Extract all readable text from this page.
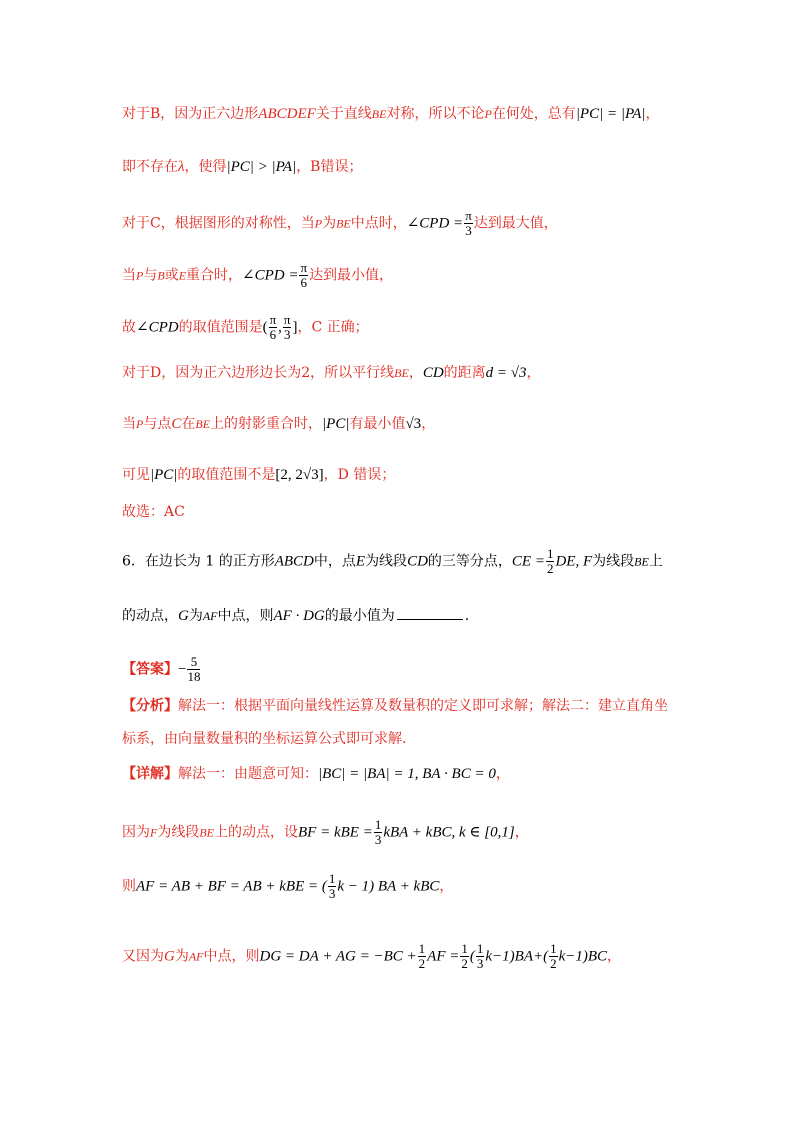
对于B，因为正六边形ABCDEF关于直线BE对称，所以不论P在何处，总有|PC| = |PA|，
即不存在λ，使得|PC| > |PA|，B错误；
对于C，根据图形的对称性，当P为BE中点时，∠CPD = $\frac{\pi}{3}$ 达到最大值，
当P与B或E重合时，∠CPD = $\frac{\pi}{6}$ 达到最小值，
故∠CPD的取值范围是( $\frac{\pi}{6}$ , $\frac{\pi}{3}$ ]，C 正确；
对于D，因为正六边形边长为2，所以平行线BE，CD的距离d = √3，
当P与点C在BE上的射影重合时，|PC|有最小值√3，
可见|PC|的取值范围不是[2, 2√3]，D 错误；
故选：AC
6．在边长为 1 的正方形ABCD中，点E为线段CD的三等分点，CE = $\frac{1}{2}$ DE, F为线段BE上
的动点，G为AF中点，则AF · DG的最小值为	.
【答案】− $\frac{5}{18}$
【分析】解法一：根据平面向量线性运算及数量积的定义即可求解；解法二：建立直角坐
标系，由向量数量积的坐标运算公式即可求解.
【详解】解法一：由题意可知：|BC| = |BA| = 1, BA · BC = 0，
因为F为线段BE上的动点，设BF = kBE = $\frac{1}{3}$ kBA + kBC, k ∈ [0,1]，
则AF = AB + BF = AB + kBE = ( $\frac{1}{3}$ k − 1) BA + kBC，
又因为G为AF中点，则DG = DA + AG = $-BC + \frac{1}{2}$ AF = $\frac{1}{2}$ ( $\frac{1}{3} k-1)BA+( \frac{1}{2} k-1)BC$，
